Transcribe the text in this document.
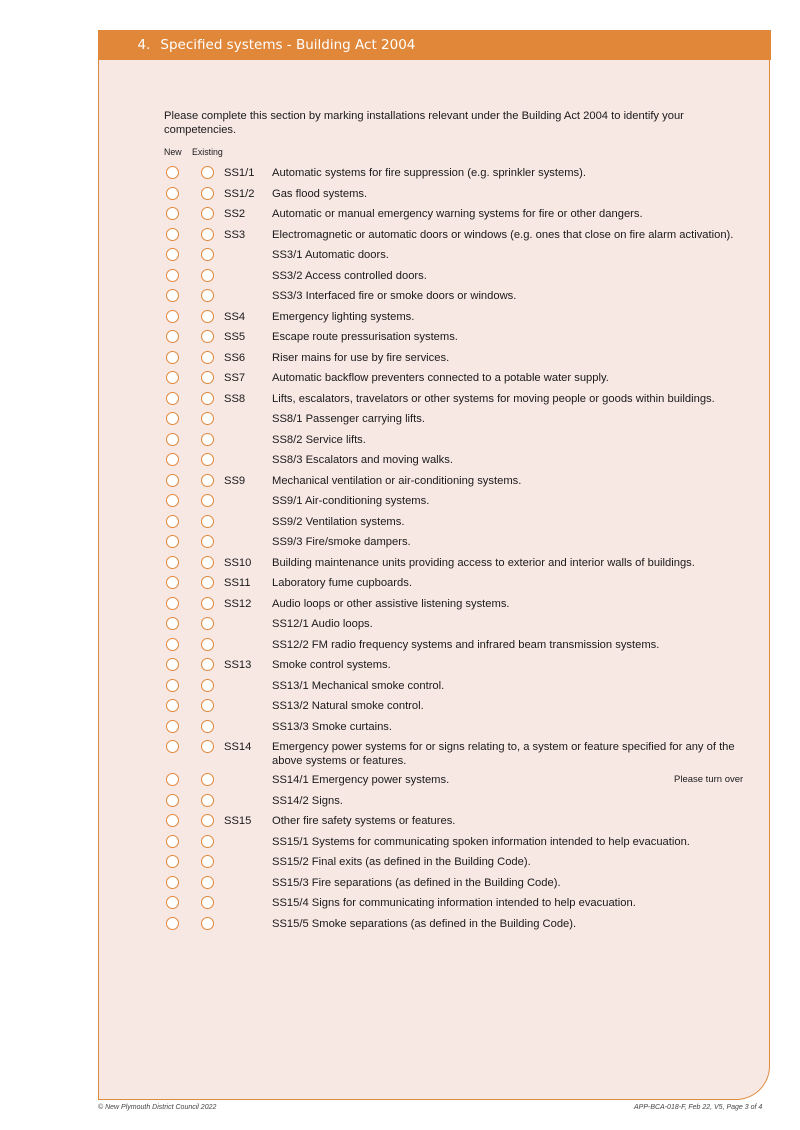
4. Specified systems - Building Act 2004
Please complete this section by marking installations relevant under the Building Act 2004 to identify your competencies.
New Existing
SS1/1 Automatic systems for fire suppression (e.g. sprinkler systems).
SS1/2 Gas flood systems.
SS2 Automatic or manual emergency warning systems for fire or other dangers.
SS3 Electromagnetic or automatic doors or windows (e.g. ones that close on fire alarm activation).
SS3/1 Automatic doors.
SS3/2 Access controlled doors.
SS3/3 Interfaced fire or smoke doors or windows.
SS4 Emergency lighting systems.
SS5 Escape route pressurisation systems.
SS6 Riser mains for use by fire services.
SS7 Automatic backflow preventers connected to a potable water supply.
SS8 Lifts, escalators, travelators or other systems for moving people or goods within buildings.
SS8/1 Passenger carrying lifts.
SS8/2 Service lifts.
SS8/3 Escalators and moving walks.
SS9 Mechanical ventilation or air-conditioning systems.
SS9/1 Air-conditioning systems.
SS9/2 Ventilation systems.
SS9/3 Fire/smoke dampers.
SS10 Building maintenance units providing access to exterior and interior walls of buildings.
SS11 Laboratory fume cupboards.
SS12 Audio loops or other assistive listening systems.
SS12/1 Audio loops.
SS12/2 FM radio frequency systems and infrared beam transmission systems.
SS13 Smoke control systems.
SS13/1 Mechanical smoke control.
SS13/2 Natural smoke control.
SS13/3 Smoke curtains.
SS14 Emergency power systems for or signs relating to, a system or feature specified for any of the above systems or features.
SS14/1 Emergency power systems.
SS14/2 Signs.
SS15 Other fire safety systems or features.
SS15/1 Systems for communicating spoken information intended to help evacuation.
SS15/2 Final exits (as defined in the Building Code).
SS15/3 Fire separations (as defined in the Building Code).
SS15/4 Signs for communicating information intended to help evacuation.
SS15/5 Smoke separations (as defined in the Building Code).
Please turn over
© New Plymouth District Council 2022	APP-BCA-018-F, Feb 22, V5, Page 3 of 4
